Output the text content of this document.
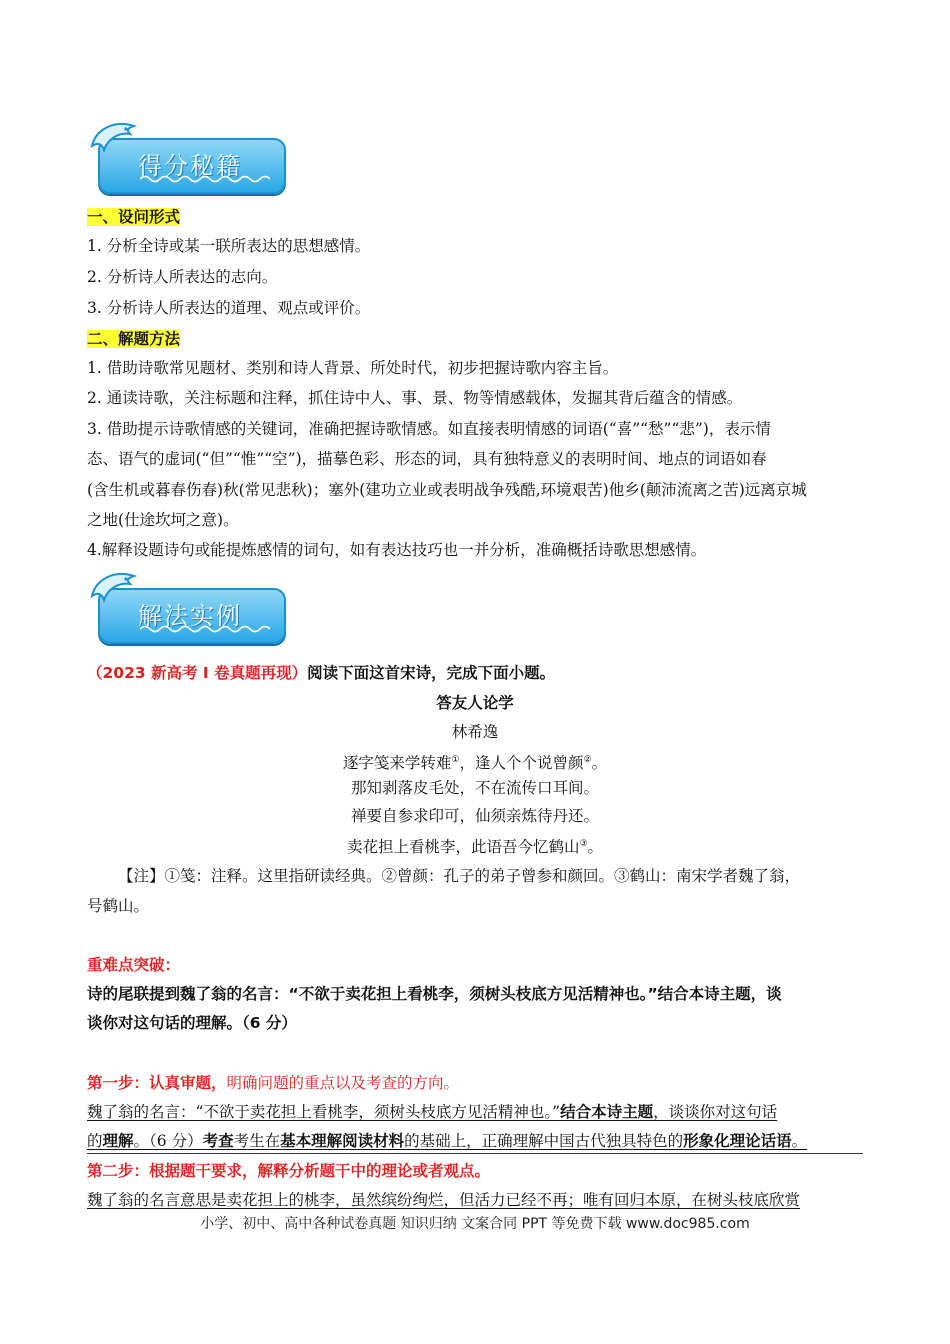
得分秘籍
一、设问形式
1. 分析全诗或某一联所表达的思想感情。
2. 分析诗人所表达的志向。
3. 分析诗人所表达的道理、观点或评价。
二、解题方法
1. 借助诗歌常见题材、类别和诗人背景、所处时代，初步把握诗歌内容主旨。
2. 通读诗歌，关注标题和注释，抓住诗中人、事、景、物等情感载体，发掘其背后蕴含的情感。
3. 借助提示诗歌情感的关键词，准确把握诗歌情感。如直接表明情感的词语(“喜”“愁”“悲”)，表示情
态、语气的虚词(“但”“惟”“空”)，描摹色彩、形态的词，具有独特意义的表明时间、地点的词语如春
(含生机或暮春伤春)秋(常见悲秋)；塞外(建功立业或表明战争残酷,环境艰苦)他乡(颠沛流离之苦)远离京城
之地(仕途坎坷之意)。
4.解释设题诗句或能提炼感情的词句，如有表达技巧也一并分析，准确概括诗歌思想感情。
解法实例
（2023 新高考 I 卷真题再现）阅读下面这首宋诗，完成下面小题。
答友人论学
林希逸
逐字笺来学转难①，逢人个个说曾颜②。
那知剥落皮毛处，不在流传口耳间。
禅要自参求印可，仙须亲炼待丹还。
卖花担上看桃李，此语吾今忆鹤山③。
【注】①笺：注释。这里指研读经典。②曾颜：孔子的弟子曾参和颜回。③鹤山：南宋学者魏了翁，
号鹤山。
重难点突破：
诗的尾联提到魏了翁的名言：“不欲于卖花担上看桃李，须树头枝底方见活精神也。”结合本诗主题，谈
谈你对这句话的理解。（6 分）
第一步：认真审题，明确问题的重点以及考查的方向。
魏了翁的名言：“不欲于卖花担上看桃李，须树头枝底方见活精神也。”结合本诗主题，谈谈你对这句话
的理解。（6 分）考查考生在基本理解阅读材料的基础上，正确理解中国古代独具特色的形象化理论话语。
第二步：根据题干要求，解释分析题干中的理论或者观点。
魏了翁的名言意思是卖花担上的桃李，虽然缤纷绚烂，但活力已经不再；唯有回归本原，在树头枝底欣赏
小学、初中、高中各种试卷真题 知识归纳 文案合同 PPT 等免费下载 www.doc985.com
